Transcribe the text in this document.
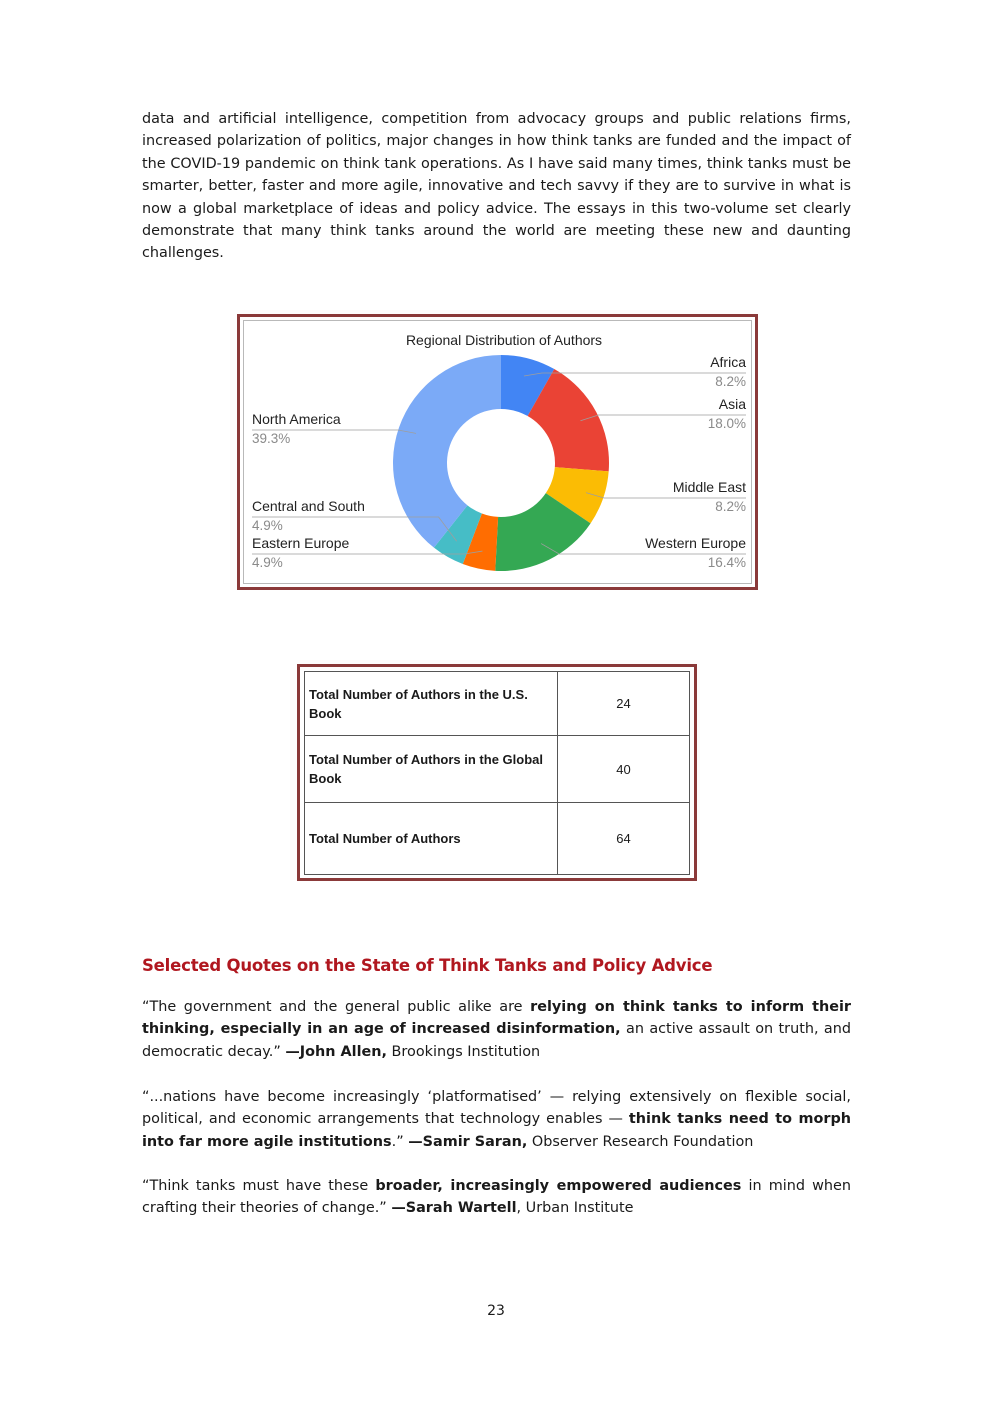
data and artificial intelligence, competition from advocacy groups and public relations firms, increased polarization of politics, major changes in how think tanks are funded and the impact of the COVID-19 pandemic on think tank operations. As I have said many times, think tanks must be smarter, better, faster and more agile, innovative and tech savvy if they are to survive in what is now a global marketplace of ideas and policy advice. The essays in this two-volume set clearly demonstrate that many think tanks around the world are meeting these new and daunting challenges.

Regional Distribution of Authors
Africa
8.2%
Asia
18.0%
Middle East
8.2%
Western Europe
16.4%
Eastern Europe
4.9%
Central and South
4.9%
North America
39.3%
Total Number of Authors in the U.S. Book	24
Total Number of Authors in the Global Book	40
Total Number of Authors	64
Selected Quotes on the State of Think Tanks and Policy Advice

“The government and the general public alike are relying on think tanks to inform their thinking, especially in an age of increased disinformation, an active assault on truth, and democratic decay.” —John Allen, Brookings Institution

“...nations have become increasingly ‘platformatised’ — relying extensively on flexible social, political, and economic arrangements that technology enables — think tanks need to morph into far more agile institutions.” —Samir Saran, Observer Research Foundation

“Think tanks must have these broader, increasingly empowered audiences in mind when crafting their theories of change.” —Sarah Wartell, Urban Institute

23
